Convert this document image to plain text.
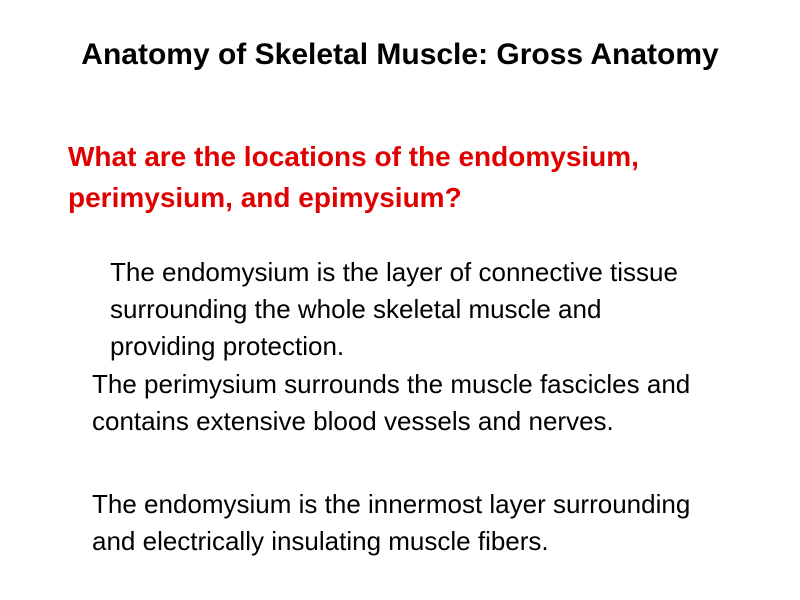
Anatomy of Skeletal Muscle: Gross Anatomy
What are the locations of the endomysium, perimysium, and epimysium?
The endomysium is the layer of connective tissue surrounding the whole skeletal muscle and providing protection.
The perimysium surrounds the muscle fascicles and contains extensive blood vessels and nerves.
The endomysium is the innermost layer surrounding and electrically insulating muscle fibers.
